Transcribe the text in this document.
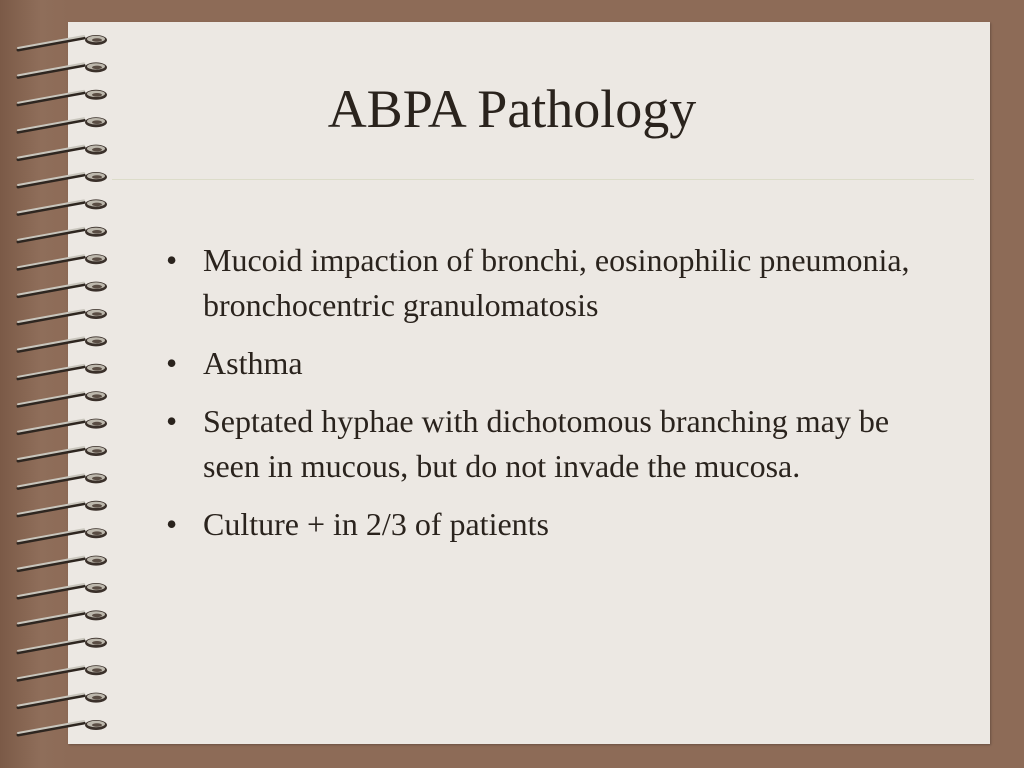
ABPA Pathology
• Mucoid impaction of bronchi, eosinophilic pneumonia, bronchocentric granulomatosis
• Asthma
• Septated hyphae with dichotomous branching may be seen in mucous, but do not invade the mucosa.
• Culture + in 2/3 of patients
